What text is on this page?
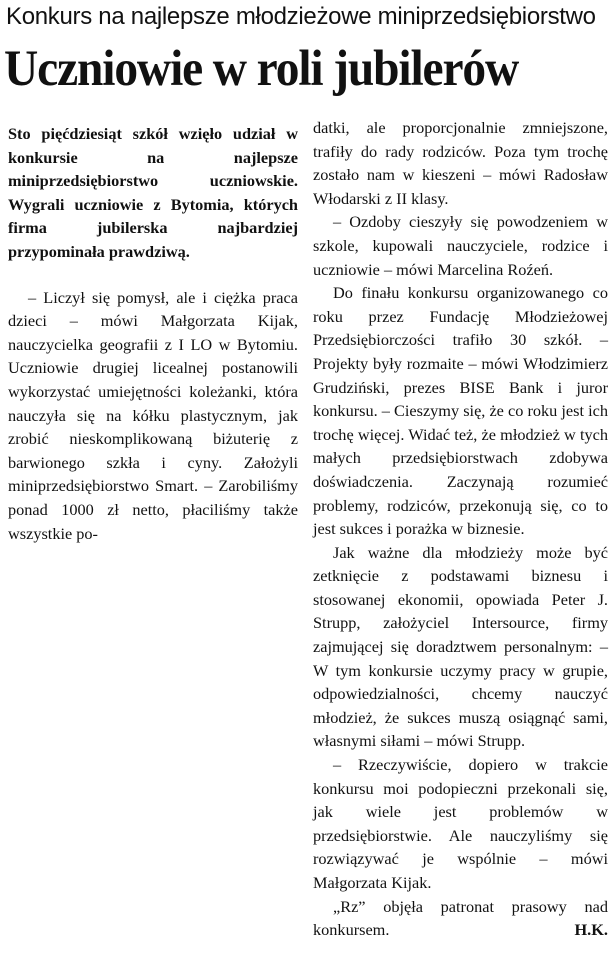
Konkurs na najlepsze młodzieżowe miniprzedsiębiorstwo
Uczniowie w roli jubilerów

Sto pięćdziesiąt szkół wzięło udział w konkursie na najlepsze miniprzedsiębiorstwo uczniowskie. Wygrali uczniowie z Bytomia, których firma jubilerska najbardziej przypominała prawdziwą.

– Liczył się pomysł, ale i ciężka praca dzieci – mówi Małgorzata Kijak, nauczycielka geografii z I LO w Bytomiu. Uczniowie drugiej licealnej postanowili wykorzystać umiejętności koleżanki, która nauczyła się na kółku plastycznym, jak zrobić nieskomplikowaną biżuterię z barwionego szkła i cyny. Założyli miniprzedsiębiorstwo Smart. – Zarobiliśmy ponad 1000 zł netto, płaciliśmy także wszystkie po-

datki, ale proporcjonalnie zmniejszone, trafiły do rady rodziców. Poza tym trochę zostało nam w kieszeni – mówi Radosław Włodarski z II klasy.

– Ozdoby cieszyły się powodzeniem w szkole, kupowali nauczyciele, rodzice i uczniowie – mówi Marcelina Roźeń.

Do finału konkursu organizowanego co roku przez Fundację Młodzieżowej Przedsiębiorczości trafiło 30 szkół. – Projekty były rozmaite – mówi Włodzimierz Grudziński, prezes BISE Bank i juror konkursu. – Cieszymy się, że co roku jest ich trochę więcej. Widać też, że młodzież w tych małych przedsiębiorstwach zdobywa doświadczenia. Zaczynają rozumieć problemy, rodziców, przekonują się, co to jest sukces i porażka w biznesie.

Jak ważne dla młodzieży może być zetknięcie z podstawami biznesu i stosowanej ekonomii, opowiada Peter J. Strupp, założyciel Intersource, firmy zajmującej się doradztwem personalnym: – W tym konkursie uczymy pracy w grupie, odpowiedzialności, chcemy nauczyć młodzież, że sukces muszą osiągnąć sami, własnymi siłami – mówi Strupp.

– Rzeczywiście, dopiero w trakcie konkursu moi podopieczni przekonali się, jak wiele jest problemów w przedsiębiorstwie. Ale nauczyliśmy się rozwiązywać je wspólnie – mówi Małgorzata Kijak.

„Rz” objęła patronat prasowy nad konkursem.	H.K.
